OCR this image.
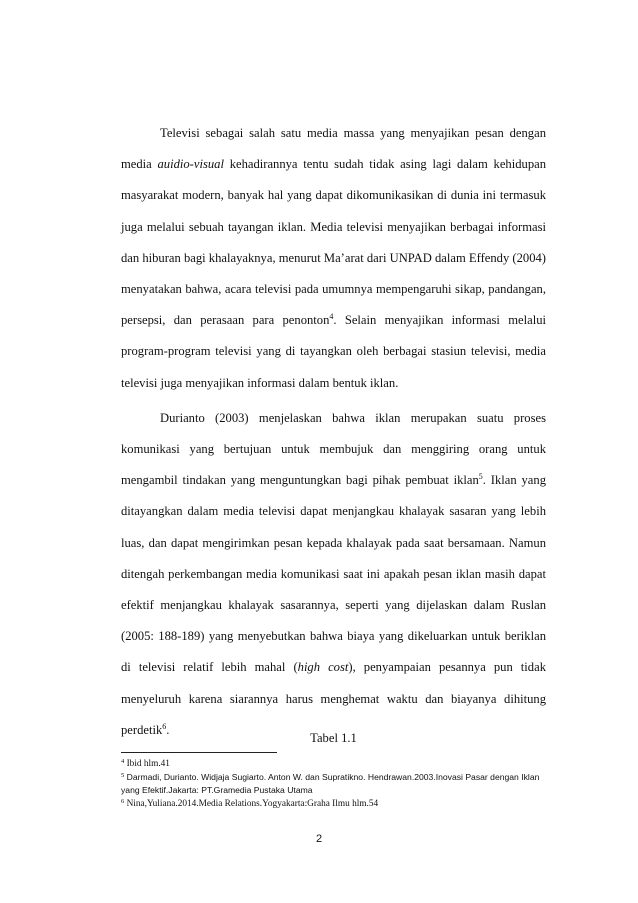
Televisi sebagai salah satu media massa yang menyajikan pesan dengan media auidio-visual kehadirannya tentu sudah tidak asing lagi dalam kehidupan masyarakat modern, banyak hal yang dapat dikomunikasikan di dunia ini termasuk juga melalui sebuah tayangan iklan. Media televisi menyajikan berbagai informasi dan hiburan bagi khalayaknya, menurut Ma’arat dari UNPAD dalam Effendy (2004) menyatakan bahwa, acara televisi pada umumnya mempengaruhi sikap, pandangan, persepsi, dan perasaan para penonton$^4$. Selain menyajikan informasi melalui program-program televisi yang di tayangkan oleh berbagai stasiun televisi, media televisi juga menyajikan informasi dalam bentuk iklan.

Durianto (2003) menjelaskan bahwa iklan merupakan suatu proses komunikasi yang bertujuan untuk membujuk dan menggiring orang untuk mengambil tindakan yang menguntungkan bagi pihak pembuat iklan$^5$. Iklan yang ditayangkan dalam media televisi dapat menjangkau khalayak sasaran yang lebih luas, dan dapat mengirimkan pesan kepada khalayak pada saat bersamaan. Namun ditengah perkembangan media komunikasi saat ini apakah pesan iklan masih dapat efektif menjangkau khalayak sasarannya, seperti yang dijelaskan dalam Ruslan (2005: 188-189) yang menyebutkan bahwa biaya yang dikeluarkan untuk beriklan di televisi relatif lebih mahal (high cost), penyampaian pesannya pun tidak menyeluruh karena siarannya harus menghemat waktu dan biayanya dihitung perdetik$^6$.

Tabel 1.1

$^4$ Ibid hlm.41

$^5$ Darmadi, Durianto. Widjaja Sugiarto. Anton W. dan Supratikno. Hendrawan.2003.Inovasi Pasar dengan Iklan yang Efektif.Jakarta: PT.Gramedia Pustaka Utama

$^6$ Nina,Yuliana.2014.Media Relations.Yogyakarta:Graha Ilmu hlm.54

2
